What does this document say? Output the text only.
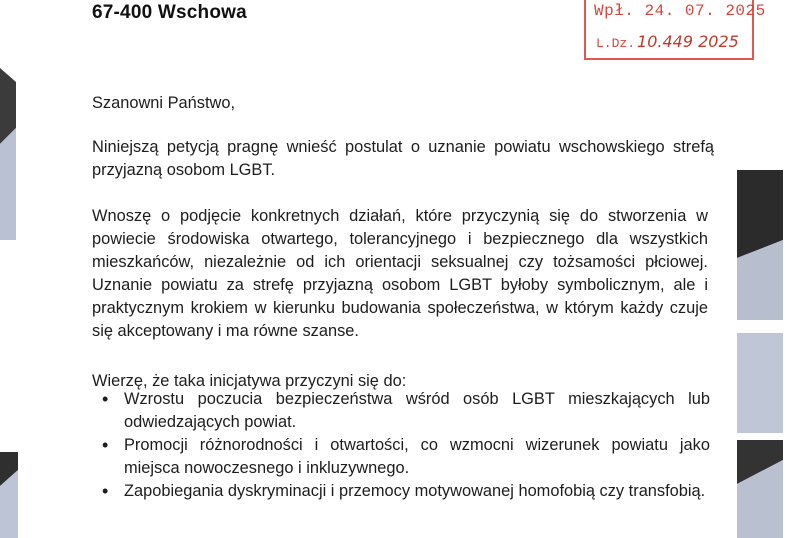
67-400 Wschowa	Wpł. 24. 07. 2025
L.Dz. 10.449 2025
Szanowni Państwo,
Niniejszą petycją pragnę wnieść postulat o uznanie powiatu wschowskiego strefą przyjazną osobom LGBT.
Wnoszę o podjęcie konkretnych działań, które przyczynią się do stworzenia w powiecie środowiska otwartego, tolerancyjnego i bezpiecznego dla wszystkich mieszkańców, niezależnie od ich orientacji seksualnej czy tożsamości płciowej. Uznanie powiatu za strefę przyjazną osobom LGBT byłoby symbolicznym, ale i praktycznym krokiem w kierunku budowania społeczeństwa, w którym każdy czuje się akceptowany i ma równe szanse.
Wierzę, że taka inicjatywa przyczyni się do:
• Wzrostu poczucia bezpieczeństwa wśród osób LGBT mieszkających lub odwiedzających powiat.
• Promocji różnorodności i otwartości, co wzmocni wizerunek powiatu jako miejsca nowoczesnego i inkluzywnego.
• Zapobiegania dyskryminacji i przemocy motywowanej homofobią czy transfobią.
